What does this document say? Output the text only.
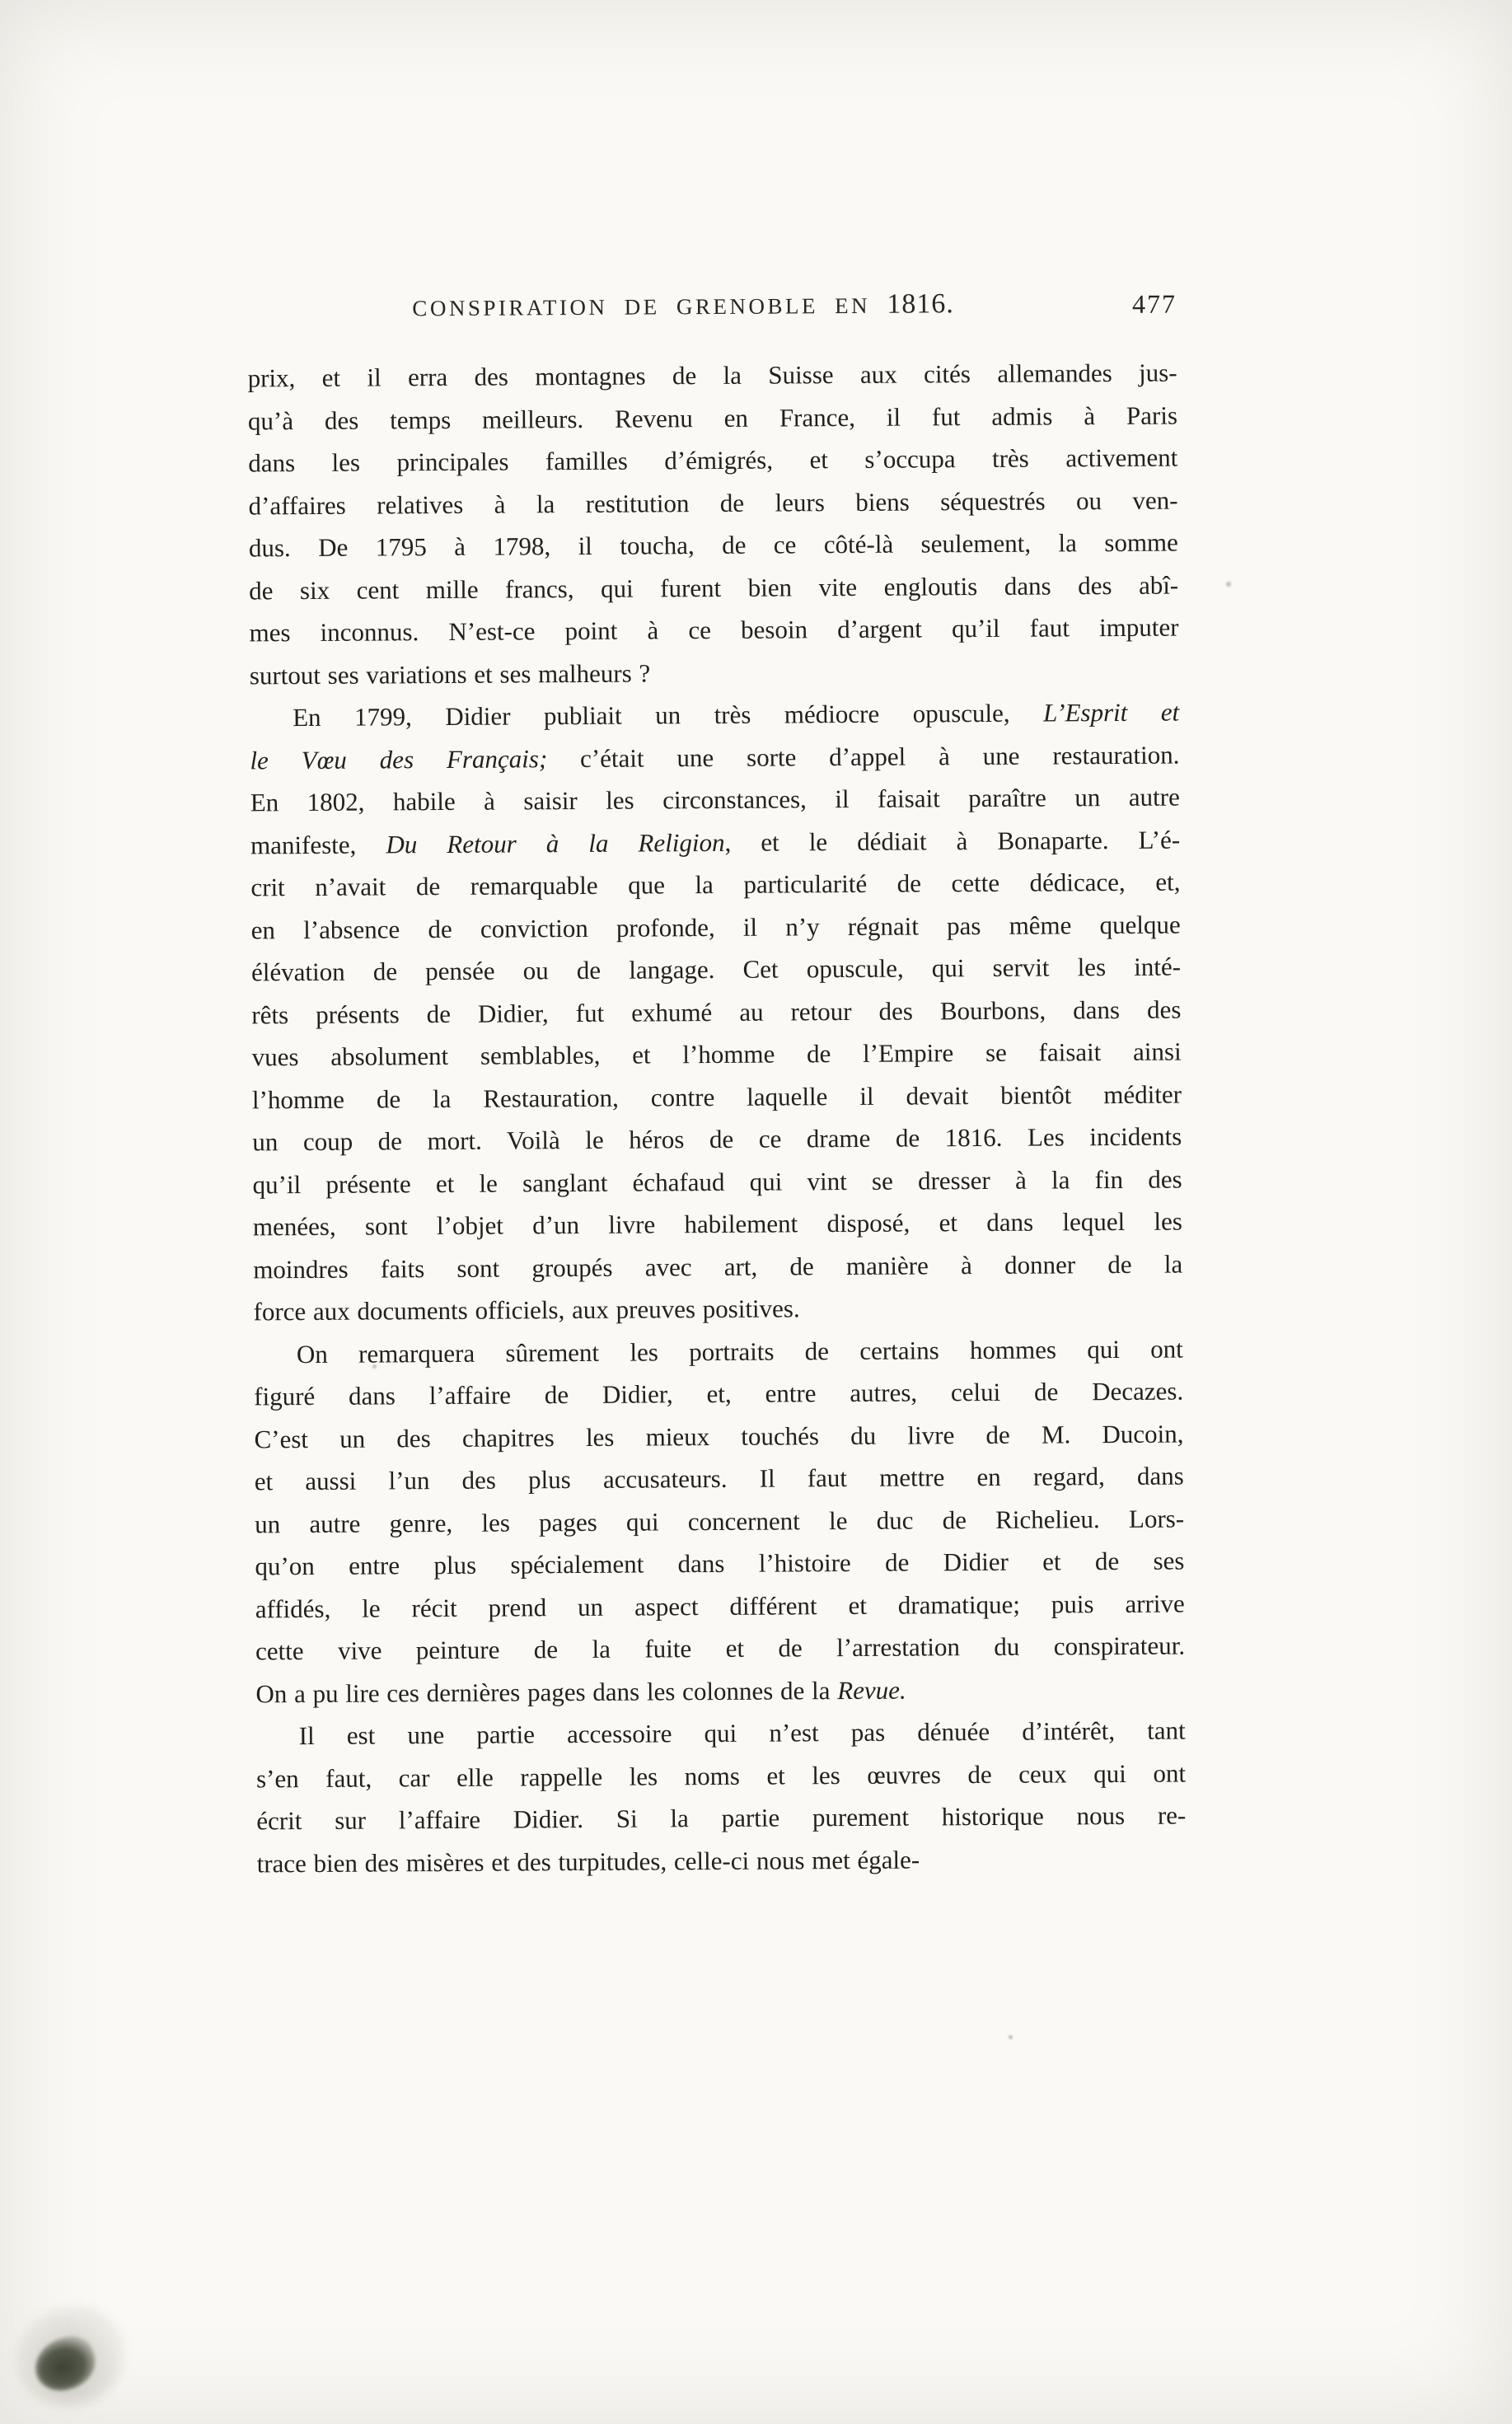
CONSPIRATION DE GRENOBLE EN 1816.	477
prix, et il erra des montagnes de la Suisse aux cités allemandes jus-
qu’à des temps meilleurs. Revenu en France, il fut admis à Paris
dans les principales familles d’émigrés, et s’occupa très activement
d’affaires relatives à la restitution de leurs biens séquestrés ou ven-
dus. De 1795 à 1798, il toucha, de ce côté-là seulement, la somme
de six cent mille francs, qui furent bien vite engloutis dans des abî-
mes inconnus. N’est-ce point à ce besoin d’argent qu’il faut imputer
surtout ses variations et ses malheurs ?
En 1799, Didier publiait un très médiocre opuscule, L’Esprit et
le Vœu des Français; c’était une sorte d’appel à une restauration.
En 1802, habile à saisir les circonstances, il faisait paraître un autre
manifeste, Du Retour à la Religion, et le dédiait à Bonaparte. L’é-
crit n’avait de remarquable que la particularité de cette dédicace, et,
en l’absence de conviction profonde, il n’y régnait pas même quelque
élévation de pensée ou de langage. Cet opuscule, qui servit les inté-
rêts présents de Didier, fut exhumé au retour des Bourbons, dans des
vues absolument semblables, et l’homme de l’Empire se faisait ainsi
l’homme de la Restauration, contre laquelle il devait bientôt méditer
un coup de mort. Voilà le héros de ce drame de 1816. Les incidents
qu’il présente et le sanglant échafaud qui vint se dresser à la fin des
menées, sont l’objet d’un livre habilement disposé, et dans lequel les
moindres faits sont groupés avec art, de manière à donner de la
force aux documents officiels, aux preuves positives.
On remarquera sûrement les portraits de certains hommes qui ont
figuré dans l’affaire de Didier, et, entre autres, celui de Decazes.
C’est un des chapitres les mieux touchés du livre de M. Ducoin,
et aussi l’un des plus accusateurs. Il faut mettre en regard, dans
un autre genre, les pages qui concernent le duc de Richelieu. Lors-
qu’on entre plus spécialement dans l’histoire de Didier et de ses
affidés, le récit prend un aspect différent et dramatique; puis arrive
cette vive peinture de la fuite et de l’arrestation du conspirateur.
On a pu lire ces dernières pages dans les colonnes de la Revue.
Il est une partie accessoire qui n’est pas dénuée d’intérêt, tant
s’en faut, car elle rappelle les noms et les œuvres de ceux qui ont
écrit sur l’affaire Didier. Si la partie purement historique nous re-
trace bien des misères et des turpitudes, celle-ci nous met égale-
